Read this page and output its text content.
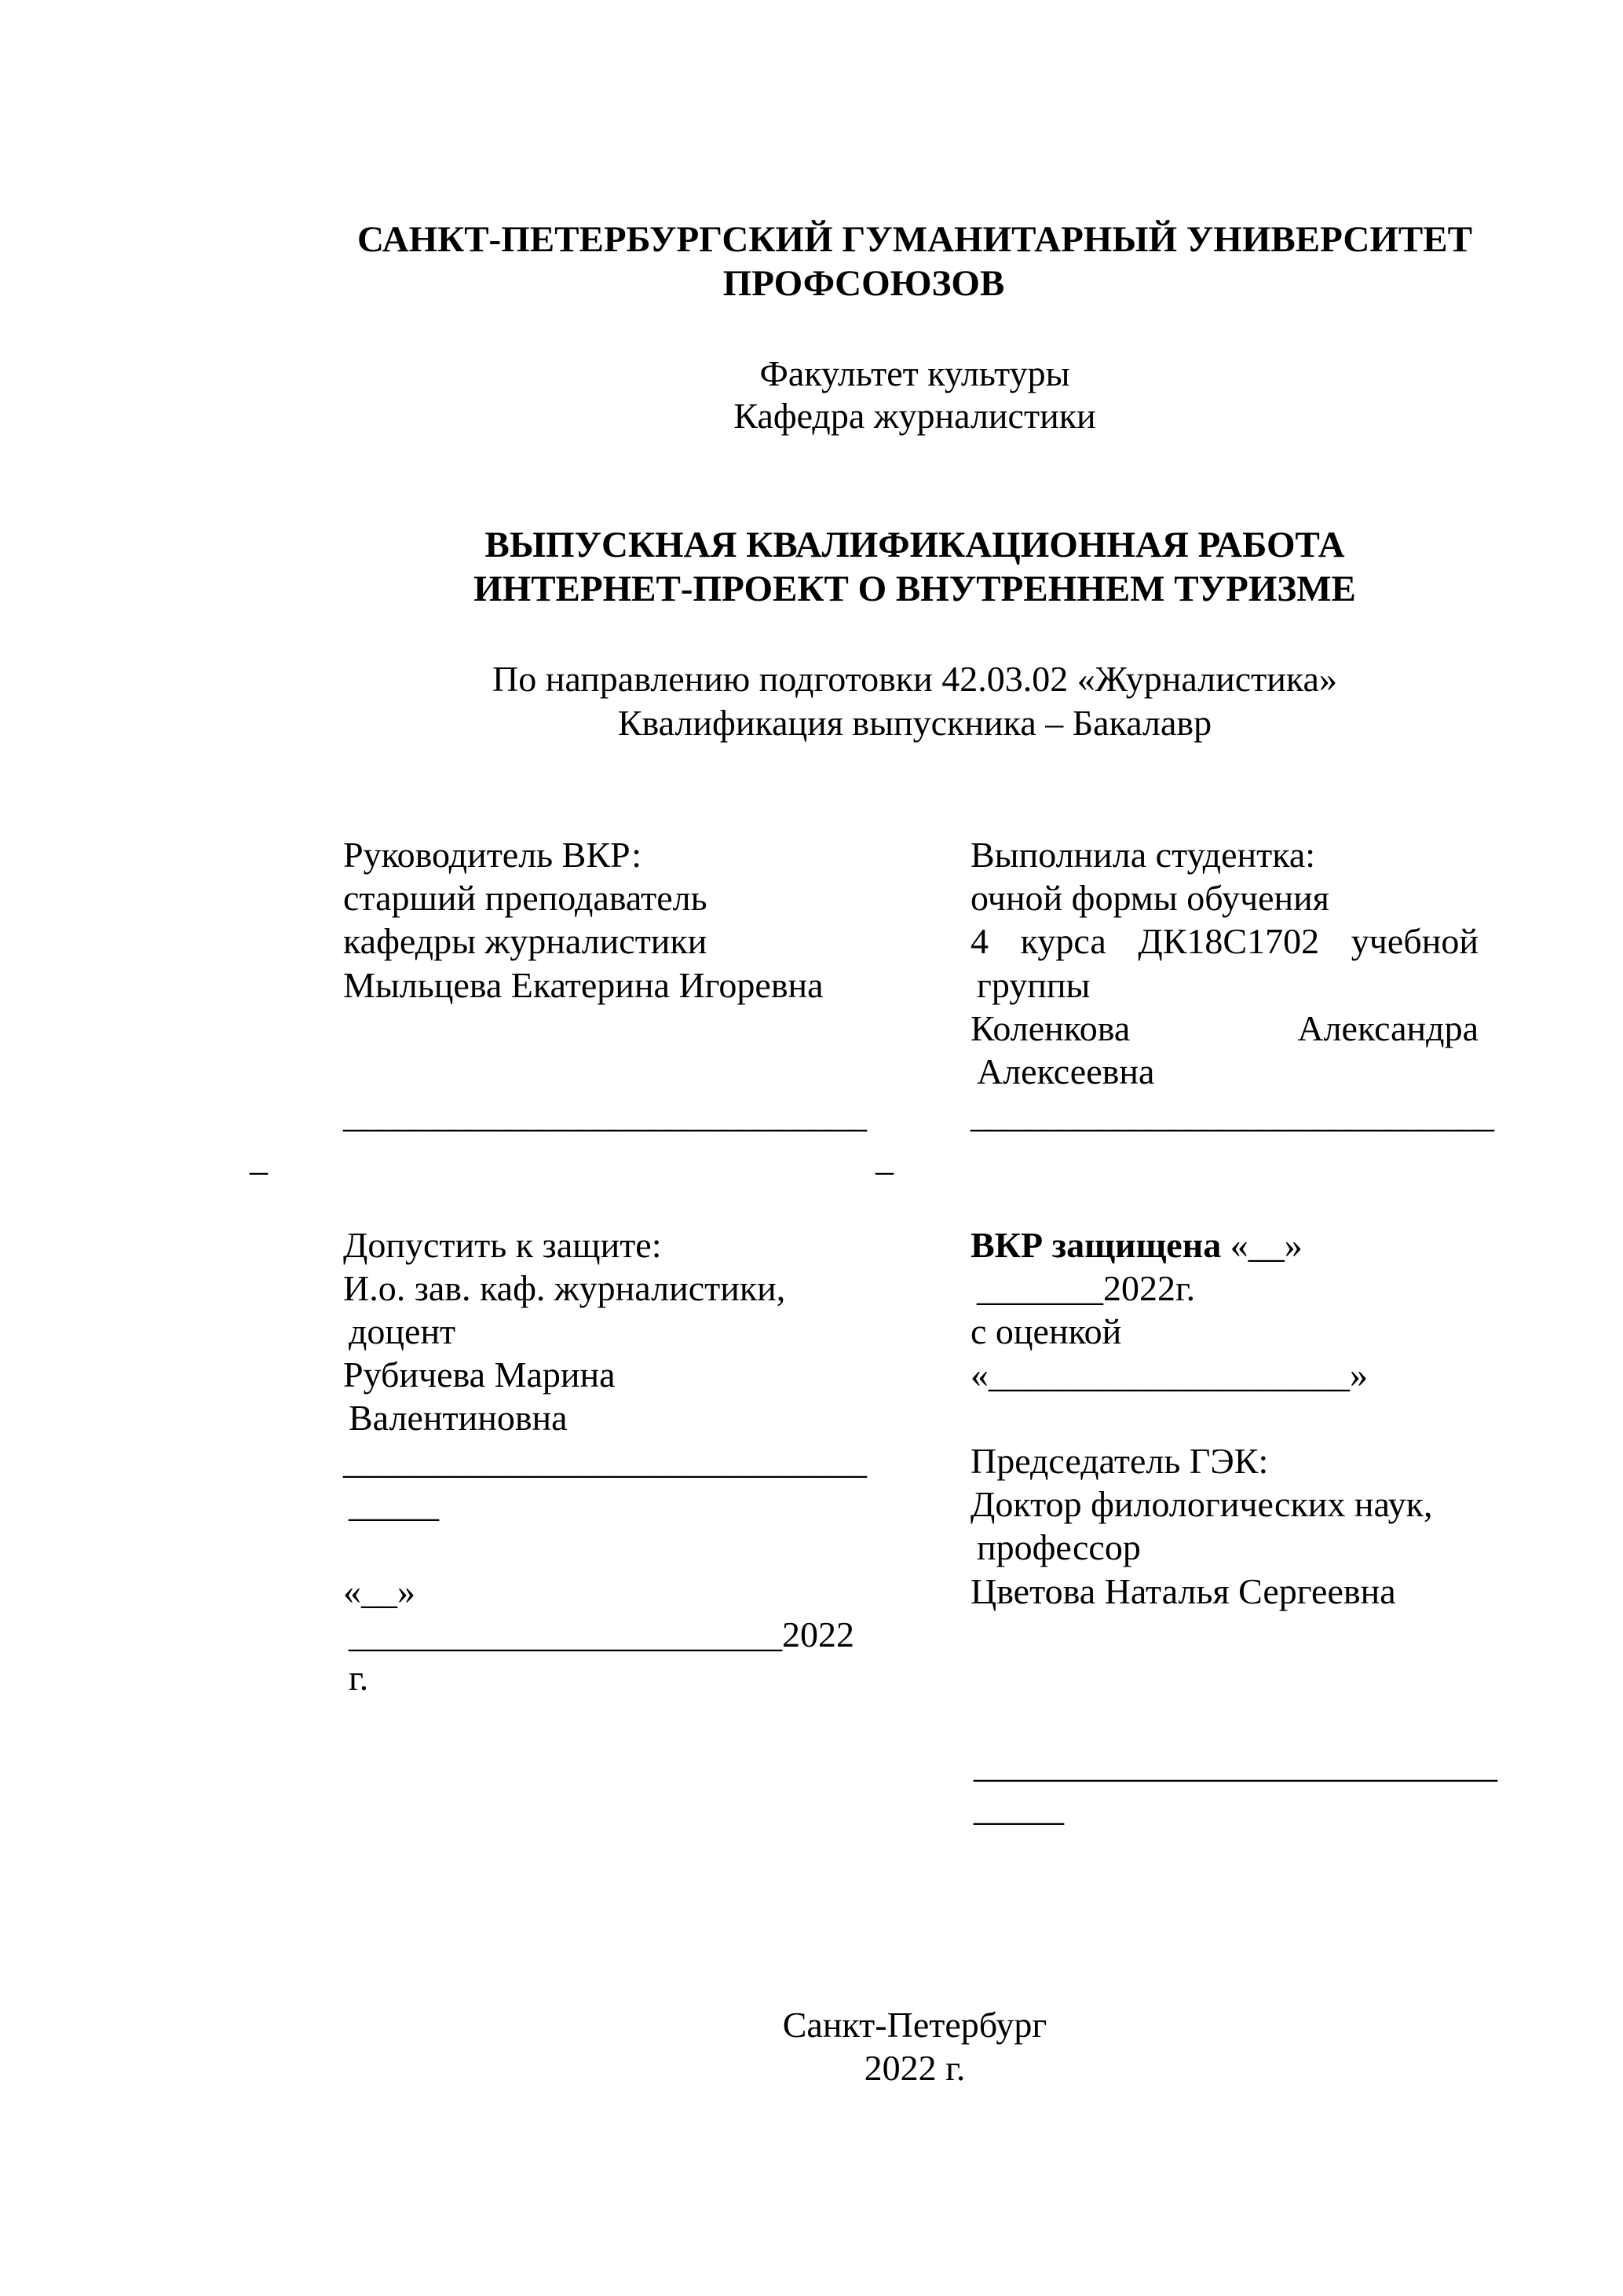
САНКТ-ПЕТЕРБУРГСКИЙ ГУМАНИТАРНЫЙ УНИВЕРСИТЕТ
ПРОФСОЮЗОВ
Факультет культуры
Кафедра журналистики
ВЫПУСКНАЯ КВАЛИФИКАЦИОННАЯ РАБОТА
ИНТЕРНЕТ-ПРОЕКТ О ВНУТРЕННЕМ ТУРИЗМЕ
По направлению подготовки 42.03.02 «Журналистика»
Квалификация выпускника – Бакалавр
Руководитель ВКР:
старший преподаватель
кафедры журналистики
Мыльцева Екатерина Игоревна
_____________________________
_
Выполнила студентка:
очной формы обучения
4 курса ДК18С1702 учебной
группы
Коленкова	Александра
Алексеевна
_____________________________
_
Допустить к защите:
И.о. зав. каф. журналистики,
доцент
Рубичева Марина
Валентиновна
_____________________________
_____
«__»
________________________2022
г.
ВКР защищена «__»
_______2022г.
с оценкой
«____________________»
Председатель ГЭК:
Доктор филологических наук,
профессор
Цветова Наталья Сергеевна
_____________________________
_____
Санкт-Петербург
2022 г.
